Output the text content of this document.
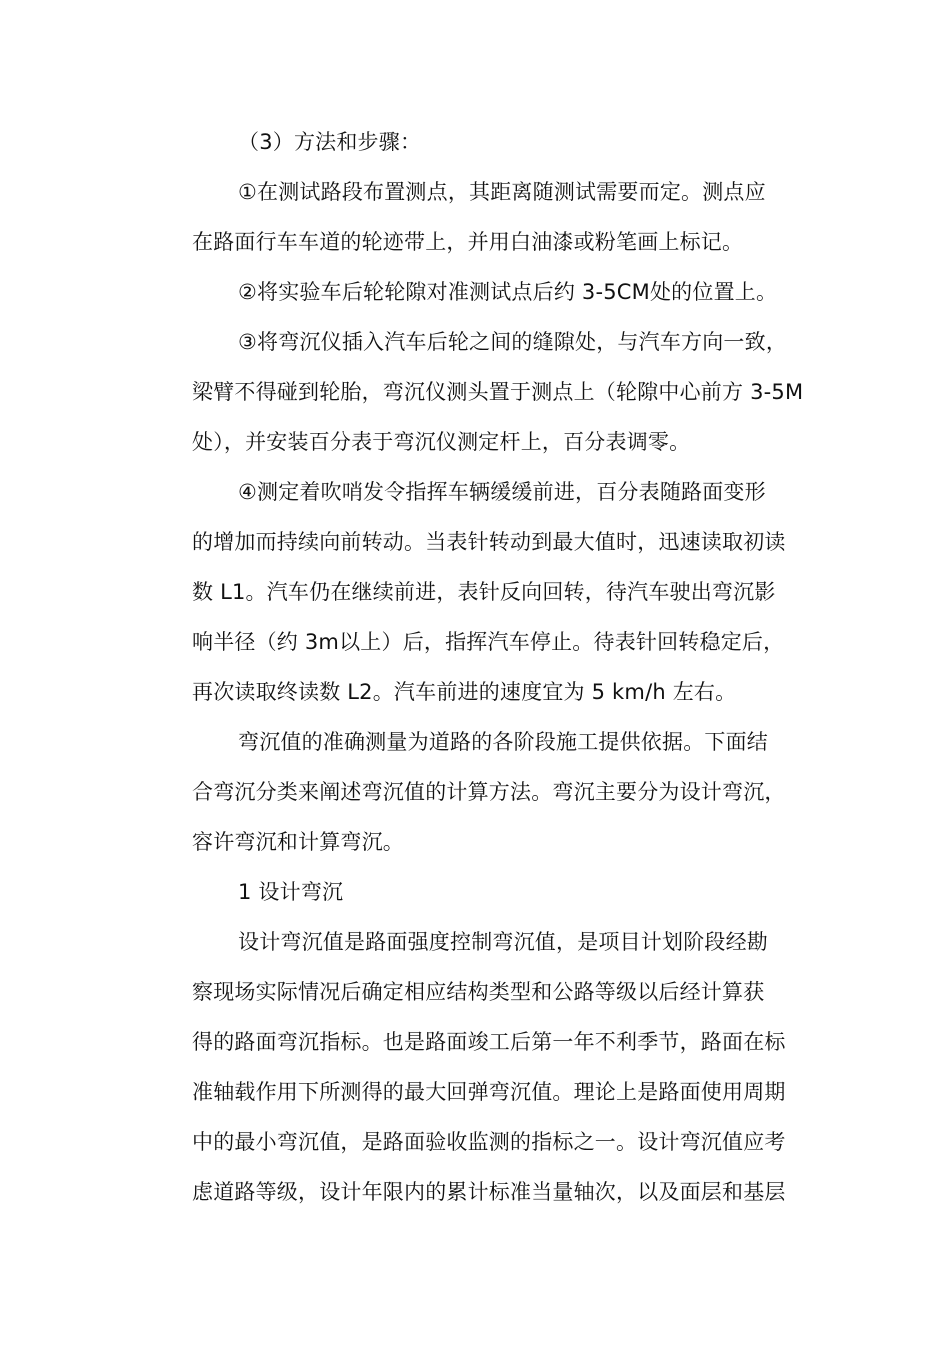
（3）方法和步骤：
①在测试路段布置测点，其距离随测试需要而定。测点应
在路面行车车道的轮迹带上，并用白油漆或粉笔画上标记。
②将实验车后轮轮隙对准测试点后约 3-5CM处的位置上。
③将弯沉仪插入汽车后轮之间的缝隙处，与汽车方向一致，
梁臂不得碰到轮胎，弯沉仪测头置于测点上（轮隙中心前方 3-5M
处），并安装百分表于弯沉仪测定杆上，百分表调零。
④测定着吹哨发令指挥车辆缓缓前进，百分表随路面变形
的增加而持续向前转动。当表针转动到最大值时，迅速读取初读
数 L1。汽车仍在继续前进，表针反向回转，待汽车驶出弯沉影
响半径（约 3m以上）后，指挥汽车停止。待表针回转稳定后，
再次读取终读数 L2。汽车前进的速度宜为 5 km/h 左右。
弯沉值的准确测量为道路的各阶段施工提供依据。下面结
合弯沉分类来阐述弯沉值的计算方法。弯沉主要分为设计弯沉，
容许弯沉和计算弯沉。
1 设计弯沉
设计弯沉值是路面强度控制弯沉值，是项目计划阶段经勘
察现场实际情况后确定相应结构类型和公路等级以后经计算获
得的路面弯沉指标。也是路面竣工后第一年不利季节，路面在标
准轴载作用下所测得的最大回弹弯沉值。理论上是路面使用周期
中的最小弯沉值，是路面验收监测的指标之一。设计弯沉值应考
虑道路等级，设计年限内的累计标准当量轴次，以及面层和基层
